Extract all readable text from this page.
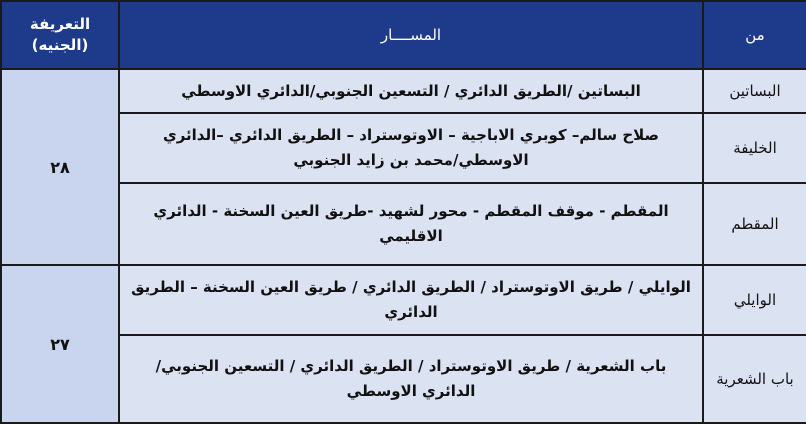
من	المســــار	التعريفة
(الجنيه)

البساتين	البساتين /الطريق الدائري / التسعين الجنوبي/الدائري الاوسطي	٢٨
الخليفة	صلاح سالم– كوبري الاباجية – الاوتوستراد – الطريق الدائري –الدائري الاوسطي/محمد بن زايد الجنوبي	
المقطم	المقطم - موقف المقطم - محور لشهيد -طريق العين السخنة - الدائري الاقليمي	
الوايلي	الوايلي / طريق الاوتوستراد / الطريق الدائري / طريق العين السخنة – الطريق الدائري	٢٧
باب الشعرية	باب الشعرية / طريق الاوتوستراد / الطريق الدائري / التسعين الجنوبي/الدائري الاوسطي	
